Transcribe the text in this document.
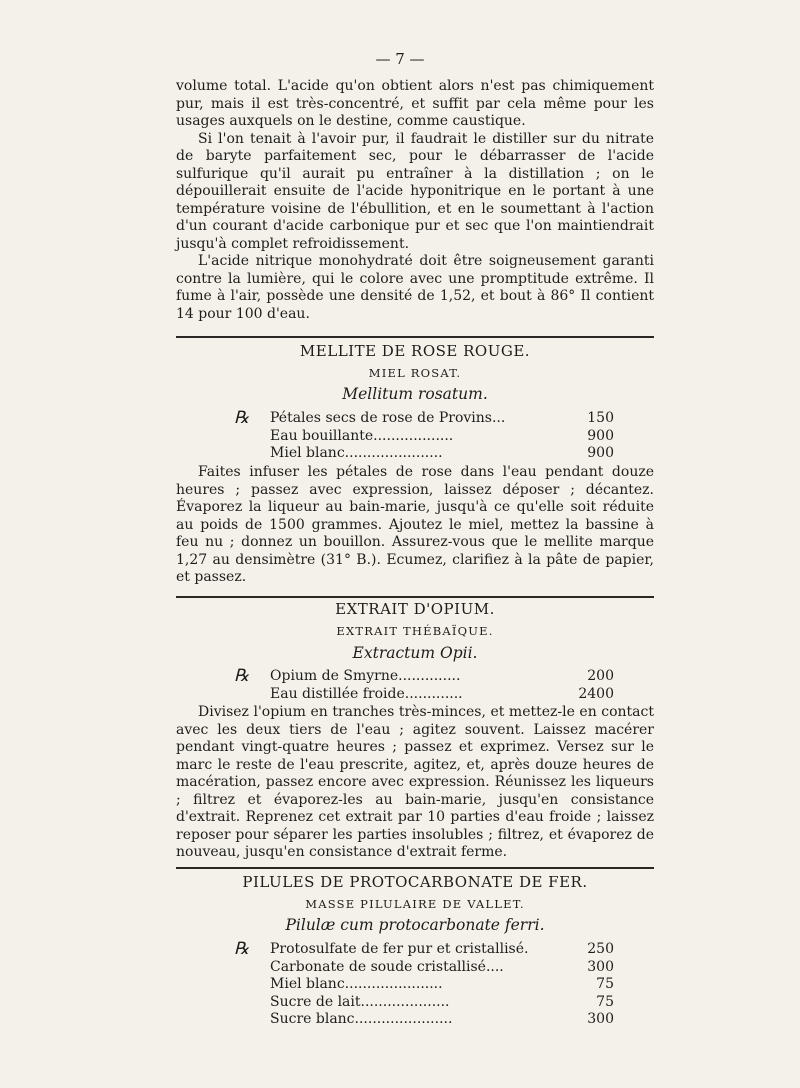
— 7 —

volume total. L'acide qu'on obtient alors n'est pas chimiquement pur, mais il est très-concentré, et suffit par cela même pour les usages auxquels on le destine, comme caustique.

Si l'on tenait à l'avoir pur, il faudrait le distiller sur du nitrate de baryte parfaitement sec, pour le débarrasser de l'acide sulfurique qu'il aurait pu entraîner à la distillation ; on le dépouillerait ensuite de l'acide hyponitrique en le portant à une température voisine de l'ébullition, et en le soumettant à l'action d'un courant d'acide carbonique pur et sec que l'on maintiendrait jusqu'à complet refroidissement.

L'acide nitrique monohydraté doit être soigneusement garanti contre la lumière, qui le colore avec une promptitude extrême. Il fume à l'air, possède une densité de 1,52, et bout à 86° Il contient 14 pour 100 d'eau.

MELLITE DE ROSE ROUGE.
MIEL ROSAT.
Mellitum rosatum.
℞ Pétales secs de rose de Provins...	150
Eau bouillante..................	900
Miel blanc......................	900

Faites infuser les pétales de rose dans l'eau pendant douze heures ; passez avec expression, laissez déposer ; décantez. Évaporez la liqueur au bain-marie, jusqu'à ce qu'elle soit réduite au poids de 1500 grammes. Ajoutez le miel, mettez la bassine à feu nu ; donnez un bouillon. Assurez-vous que le mellite marque 1,27 au densimètre (31° B.). Ecumez, clarifiez à la pâte de papier, et passez.

EXTRAIT D'OPIUM.
EXTRAIT THÉBAÏQUE.
Extractum Opii.
℞ Opium de Smyrne..............	200
Eau distillée froide.............	2400

Divisez l'opium en tranches très-minces, et mettez-le en contact avec les deux tiers de l'eau ; agitez souvent. Laissez macérer pendant vingt-quatre heures ; passez et exprimez. Versez sur le marc le reste de l'eau prescrite, agitez, et, après douze heures de macération, passez encore avec expression. Réunissez les liqueurs ; filtrez et évaporez-les au bain-marie, jusqu'en consistance d'extrait. Reprenez cet extrait par 10 parties d'eau froide ; laissez reposer pour séparer les parties insolubles ; filtrez, et évaporez de nouveau, jusqu'en consistance d'extrait ferme.

PILULES DE PROTOCARBONATE DE FER.
MASSE PILULAIRE DE VALLET.
Pilulæ cum protocarbonate ferri.
℞ Protosulfate de fer pur et cristallisé.	250
Carbonate de soude cristallisé....	300
Miel blanc......................	75
Sucre de lait....................	75
Sucre blanc......................	300
